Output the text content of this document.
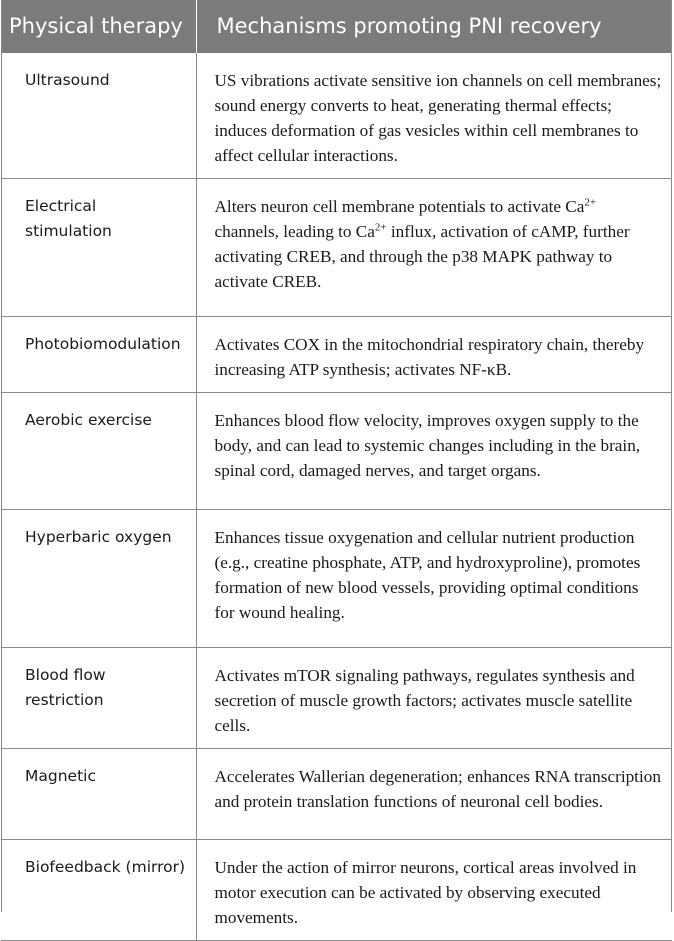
Physical therapy	Mechanisms promoting PNI recovery
Ultrasound	US vibrations activate sensitive ion channels on cell membranes; sound energy converts to heat, generating thermal effects; induces deformation of gas vesicles within cell membranes to affect cellular interactions.
Electrical stimulation	Alters neuron cell membrane potentials to activate $Ca^{2+}$ channels, leading to $Ca^{2+}$ influx, activation of cAMP, further activating CREB, and through the p38 MAPK pathway to activate CREB.
Photobiomodulation	Activates COX in the mitochondrial respiratory chain, thereby increasing ATP synthesis; activates NF-κB.
Aerobic exercise	Enhances blood flow velocity, improves oxygen supply to the body, and can lead to systemic changes including in the brain, spinal cord, damaged nerves, and target organs.
Hyperbaric oxygen	Enhances tissue oxygenation and cellular nutrient production (e.g., creatine phosphate, ATP, and hydroxyproline), promotes formation of new blood vessels, providing optimal conditions for wound healing.
Blood flow restriction	Activates mTOR signaling pathways, regulates synthesis and secretion of muscle growth factors; activates muscle satellite cells.
Magnetic	Accelerates Wallerian degeneration; enhances RNA transcription and protein translation functions of neuronal cell bodies.
Biofeedback (mirror)	Under the action of mirror neurons, cortical areas involved in motor execution can be activated by observing executed movements.
